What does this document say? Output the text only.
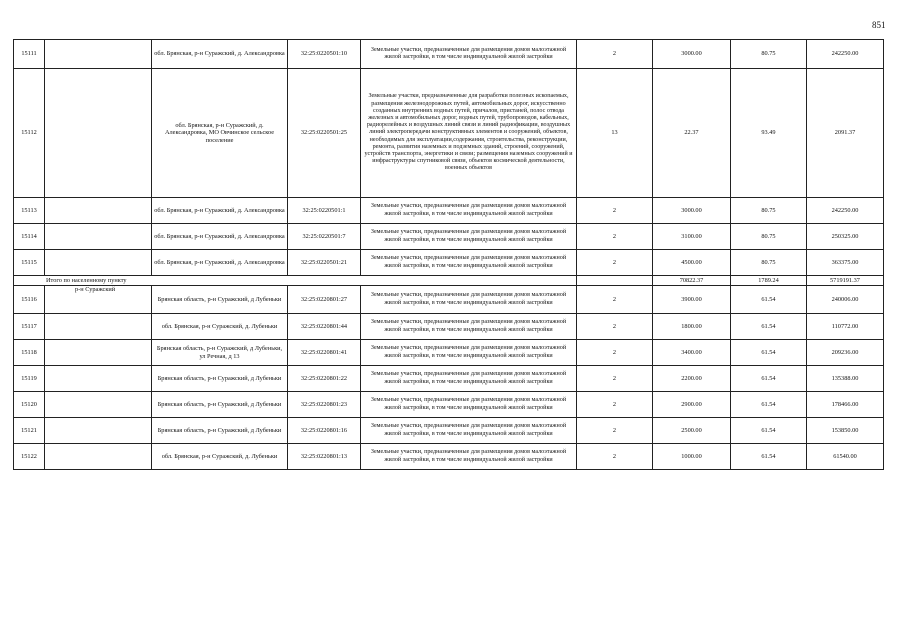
851
15111		обл. Брянская, р-н Суражский, д. Александровка	32:25:0220501:10	Земельные участки, предназначенные для размещения домов малоэтажной жилой застройки, в том числе индивидуальной жилой застройки	2	3000.00	80.75	242250.00
15112		обл. Брянская, р-н Суражский, д. Александровка, МО Овчинское сельское поселение	32:25:0220501:25	Земельные участки, предназначенные для разработки полезных ископаемых, размещения железнодорожных путей, автомобильных дорог, искусственно созданных внутренних водных путей, причалов, пристаней, полос отвода железных и автомобильных дорог, водных путей, трубопроводов, кабельных, радиорелейных и воздушных линий связи и линий радиофикации, воздушных линий электропередачи конструктивных элементов и сооружений, объектов, необходимых для эксплуатации,содержания, строительства, реконструкции, ремонта, развития наземных и подземных зданий, строений, сооружений, устройств транспорта, энергетики и связи; размещения наземных сооружений и инфраструктуры спутниковой связи, объектов космической деятельности, военных объектов	13	22.37	93.49	2091.37
15113		обл. Брянская, р-н Суражский, д. Александровка	32:25:0220501:1	Земельные участки, предназначенные для размещения домов малоэтажной жилой застройки, в том числе индивидуальной жилой застройки	2	3000.00	80.75	242250.00
15114		обл. Брянская, р-н Суражский, д. Александровка	32:25:0220501:7	Земельные участки, предназначенные для размещения домов малоэтажной жилой застройки, в том числе индивидуальной жилой застройки	2	3100.00	80.75	250325.00
15115		обл. Брянская, р-н Суражский, д. Александровка	32:25:0220501:21	Земельные участки, предназначенные для размещения домов малоэтажной жилой застройки, в том числе индивидуальной жилой застройки	2	4500.00	80.75	363375.00
Итого по населенному пункту						70822.37	1789.24	5719191.37
15116	р-н Суражский	Брянская область, р-н Суражский, д Лубеньки	32:25:0220801:27	Земельные участки, предназначенные для размещения домов малоэтажной жилой застройки, в том числе индивидуальной жилой застройки	2	3900.00	61.54	240006.00
15117		обл. Брянская, р-н Суражский, д. Лубеньки	32:25:0220801:44	Земельные участки, предназначенные для размещения домов малоэтажной жилой застройки, в том числе индивидуальной жилой застройки	2	1800.00	61.54	110772.00
15118		Брянская область, р-н Суражский, д Лубеньки, ул Речная, д 13	32:25:0220801:41	Земельные участки, предназначенные для размещения домов малоэтажной жилой застройки, в том числе индивидуальной жилой застройки	2	3400.00	61.54	209236.00
15119		Брянская область, р-н Суражский, д Лубеньки	32:25:0220801:22	Земельные участки, предназначенные для размещения домов малоэтажной жилой застройки, в том числе индивидуальной жилой застройки	2	2200.00	61.54	135388.00
15120		Брянская область, р-н Суражский, д Лубеньки	32:25:0220801:23	Земельные участки, предназначенные для размещения домов малоэтажной жилой застройки, в том числе индивидуальной жилой застройки	2	2900.00	61.54	178466.00
15121		Брянская область, р-н Суражский, д Лубеньки	32:25:0220801:16	Земельные участки, предназначенные для размещения домов малоэтажной жилой застройки, в том числе индивидуальной жилой застройки	2	2500.00	61.54	153850.00
15122		обл. Брянская, р-н Суражский, д. Лубеньки	32:25:0220801:13	Земельные участки, предназначенные для размещения домов малоэтажной жилой застройки, в том числе индивидуальной жилой застройки	2	1000.00	61.54	61540.00
